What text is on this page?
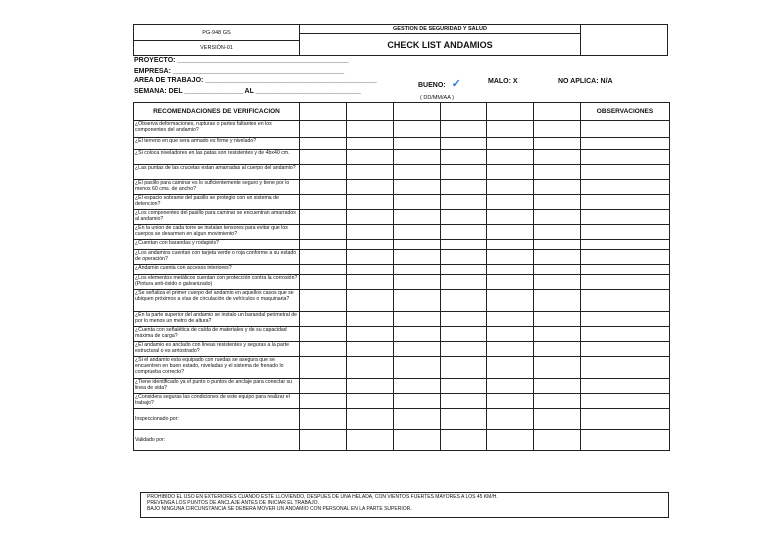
PG-948 GS
VERSIÓN-01
GESTION DE SEGURIDAD Y SALUD
CHECK LIST ANDAMIOS
PROYECTO: ____________________________________________
EMPRESA: ____________________________________________
AREA DE TRABAJO: ____________________________________________
SEMANA: DEL _______________ AL ___________________________
( DD/MM/AA )
BUENO: ✓	MALO: X	NO APLICA: N/A
RECOMENDACIONES DE VERIFICACION							OBSERVACIONES
¿Observa deformaciones, rupturas o partes faltantes en los componentes del andamio?							
¿El terreno en que sera armado es firme y nivelado?							
¿Si coloca niveladores en las patas son resistentes y de 4bx40 cm.							
¿Las puntas de las crucetas estan amarradas al cuerpo del andamio?							
¿El pasillo para caminar es lo suficientemente seguro y tiene por lo menos 60 cms. de ancho?							
¿El espacio sobrante del pasillo se protegio con un sistema de detencion?							
¿Los componentes del pasillo para caminar se encuentran amarrados al andamio?							
¿En la union de cada torre se instalan tensores para evitar que los cuerpos se desarmen en algun movimiento?							
¿Cuentan con barandas y rodapiés?							
¿Los andamios cuentan con tarjeta verde o roja conforme a su estado de operación?							
¿Andamio cuenta con accesos interiores?							
¿Los elementos metálicos cuentan con protección contra la corrosión? (Pintura anti-óxido o galvanizado)							
¿Se señaliza el primer cuerpo del andamio en aquellos casos que se ubiquen próximos a vías de circulación de vehículos o maquinaria?							
¿En la parte superior del andamio se instalo un barandal perimetral de por lo menos un metro de altura?							
¿Cuenta con señalética de caída de materiales y de su capacidad máxima de carga?							
¿El andamio es anclado con lineas resistentes y seguras a la parte estructural o es arriostrado?							
¿Si el andamio esta equipado con ruedas se asegura que se encuentren en buen estado, niveladas y el sistema de frenado lo comprueba correcto?							
¿Tiene identificado ya el punto o puntos de anclaje para conectar su linea de vida?							
¿Considera seguras las condiciones de este equipo para realizar el trabajo?							
Inspeccionado por:							
Validado por:							
PROHIBIDO EL USO EN EXTERIORES CUANDO ESTE LLOVIENDO, DESPUES DE UNA HELADA, CON VIENTOS FUERTES MAYORES A LOS 45 KM/H.
PREVENGA LOS PUNTOS DE ANCLAJE ANTES DE INICIAR EL TRABAJO.
BAJO NINGUNA CIRCUNSTANCIA SE DEBERA MOVER UN ANDAMIO CON PERSONAL EN LA PARTE SUPERIOR.
